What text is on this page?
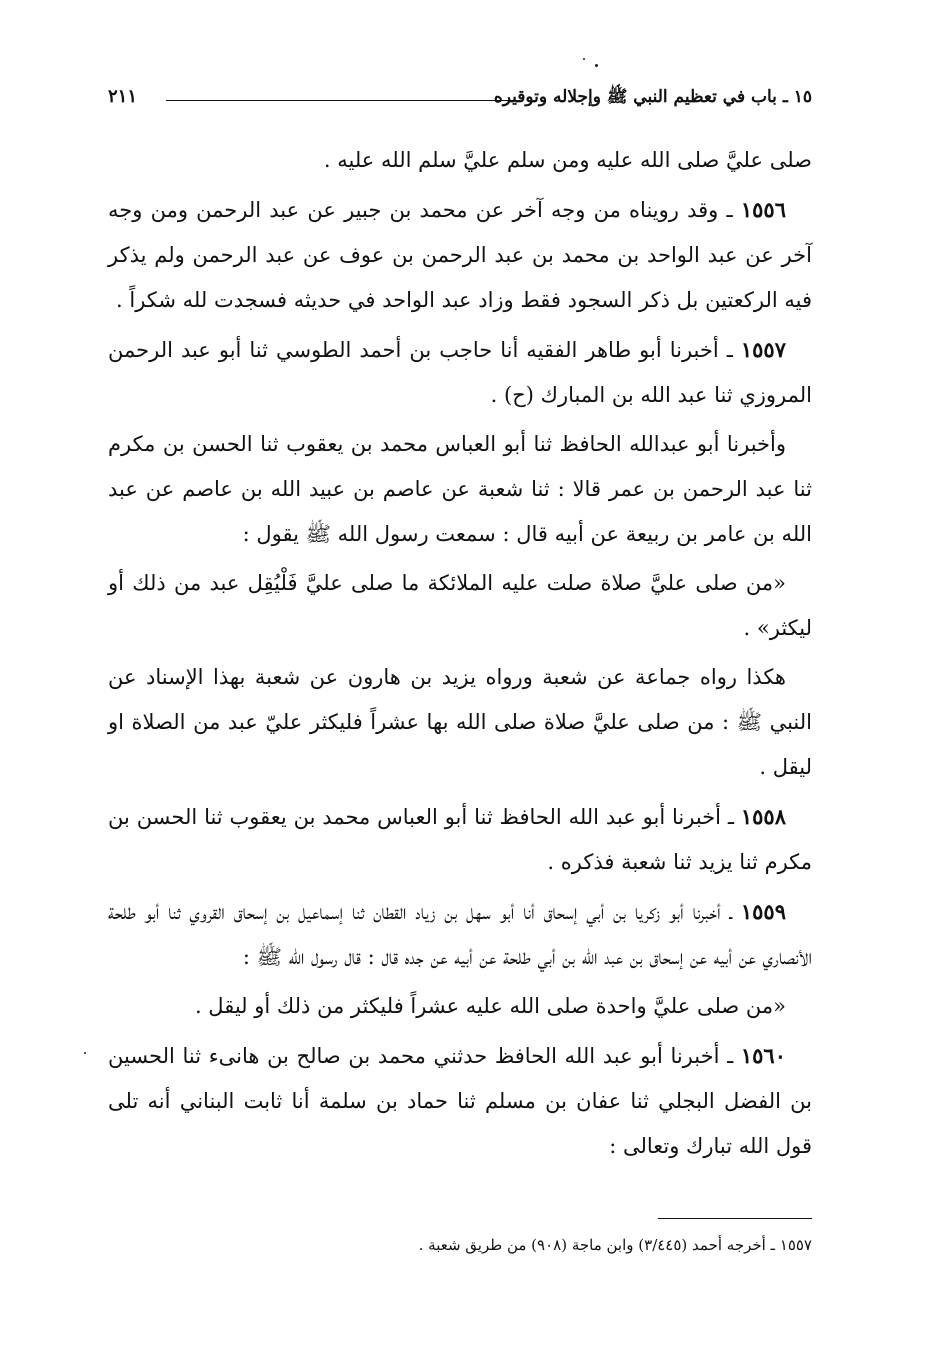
١٥ ـ باب في تعظيم النبي ﷺ وإجلاله وتوقيره
٢١١

صلى عليَّ صلى الله عليه ومن سلم عليَّ سلم الله عليه .

١٥٥٦ ـ وقد رويناه من وجه آخر عن محمد بن جبير عن عبد الرحمن ومن وجه آخر عن عبد الواحد بن محمد بن عبد الرحمن بن عوف عن عبد الرحمن ولم يذكر فيه الركعتين بل ذكر السجود فقط وزاد عبد الواحد في حديثه فسجدت لله شكراً .

١٥٥٧ ـ أخبرنا أبو طاهر الفقيه أنا حاجب بن أحمد الطوسي ثنا أبو عبد الرحمن المروزي ثنا عبد الله بن المبارك (ح) .

وأخبرنا أبو عبدالله الحافظ ثنا أبو العباس محمد بن يعقوب ثنا الحسن بن مكرم ثنا عبد الرحمن بن عمر قالا : ثنا شعبة عن عاصم بن عبيد الله بن عاصم عن عبد الله بن عامر بن ربيعة عن أبيه قال : سمعت رسول الله ﷺ يقول :

«من صلى عليَّ صلاة صلت عليه الملائكة ما صلى عليَّ فَلْيُقِل عبد من ذلك أو ليكثر» .

هكذا رواه جماعة عن شعبة ورواه يزيد بن هارون عن شعبة بهذا الإسناد عن النبي ﷺ : من صلى عليَّ صلاة صلى الله بها عشراً فليكثر عليّ عبد من الصلاة او ليقل .

١٥٥٨ ـ أخبرنا أبو عبد الله الحافظ ثنا أبو العباس محمد بن يعقوب ثنا الحسن بن مكرم ثنا يزيد ثنا شعبة فذكره .

١٥٥٩ ـ أخبرنا أبو زكريا بن أبي إسحاق أنا أبو سهل بن زياد القطان ثنا إسماعيل بن إسحاق القروي ثنا أبو طلحة الأنصاري عن أبيه عن إسحاق بن عبد الله بن أبي طلحة عن أبيه عن جده قال : قال رسول الله ﷺ :

«من صلى عليَّ واحدة صلى الله عليه عشراً فليكثر من ذلك أو ليقل .

١٥٦٠ ـ أخبرنا أبو عبد الله الحافظ حدثني محمد بن صالح بن هانىء ثنا الحسين بن الفضل البجلي ثنا عفان بن مسلم ثنا حماد بن سلمة أنا ثابت البناني أنه تلى قول الله تبارك وتعالى :

١٥٥٧ ـ أخرجه أحمد (٣/٤٤٥) وابن ماجة (٩٠٨) من طريق شعبة .
